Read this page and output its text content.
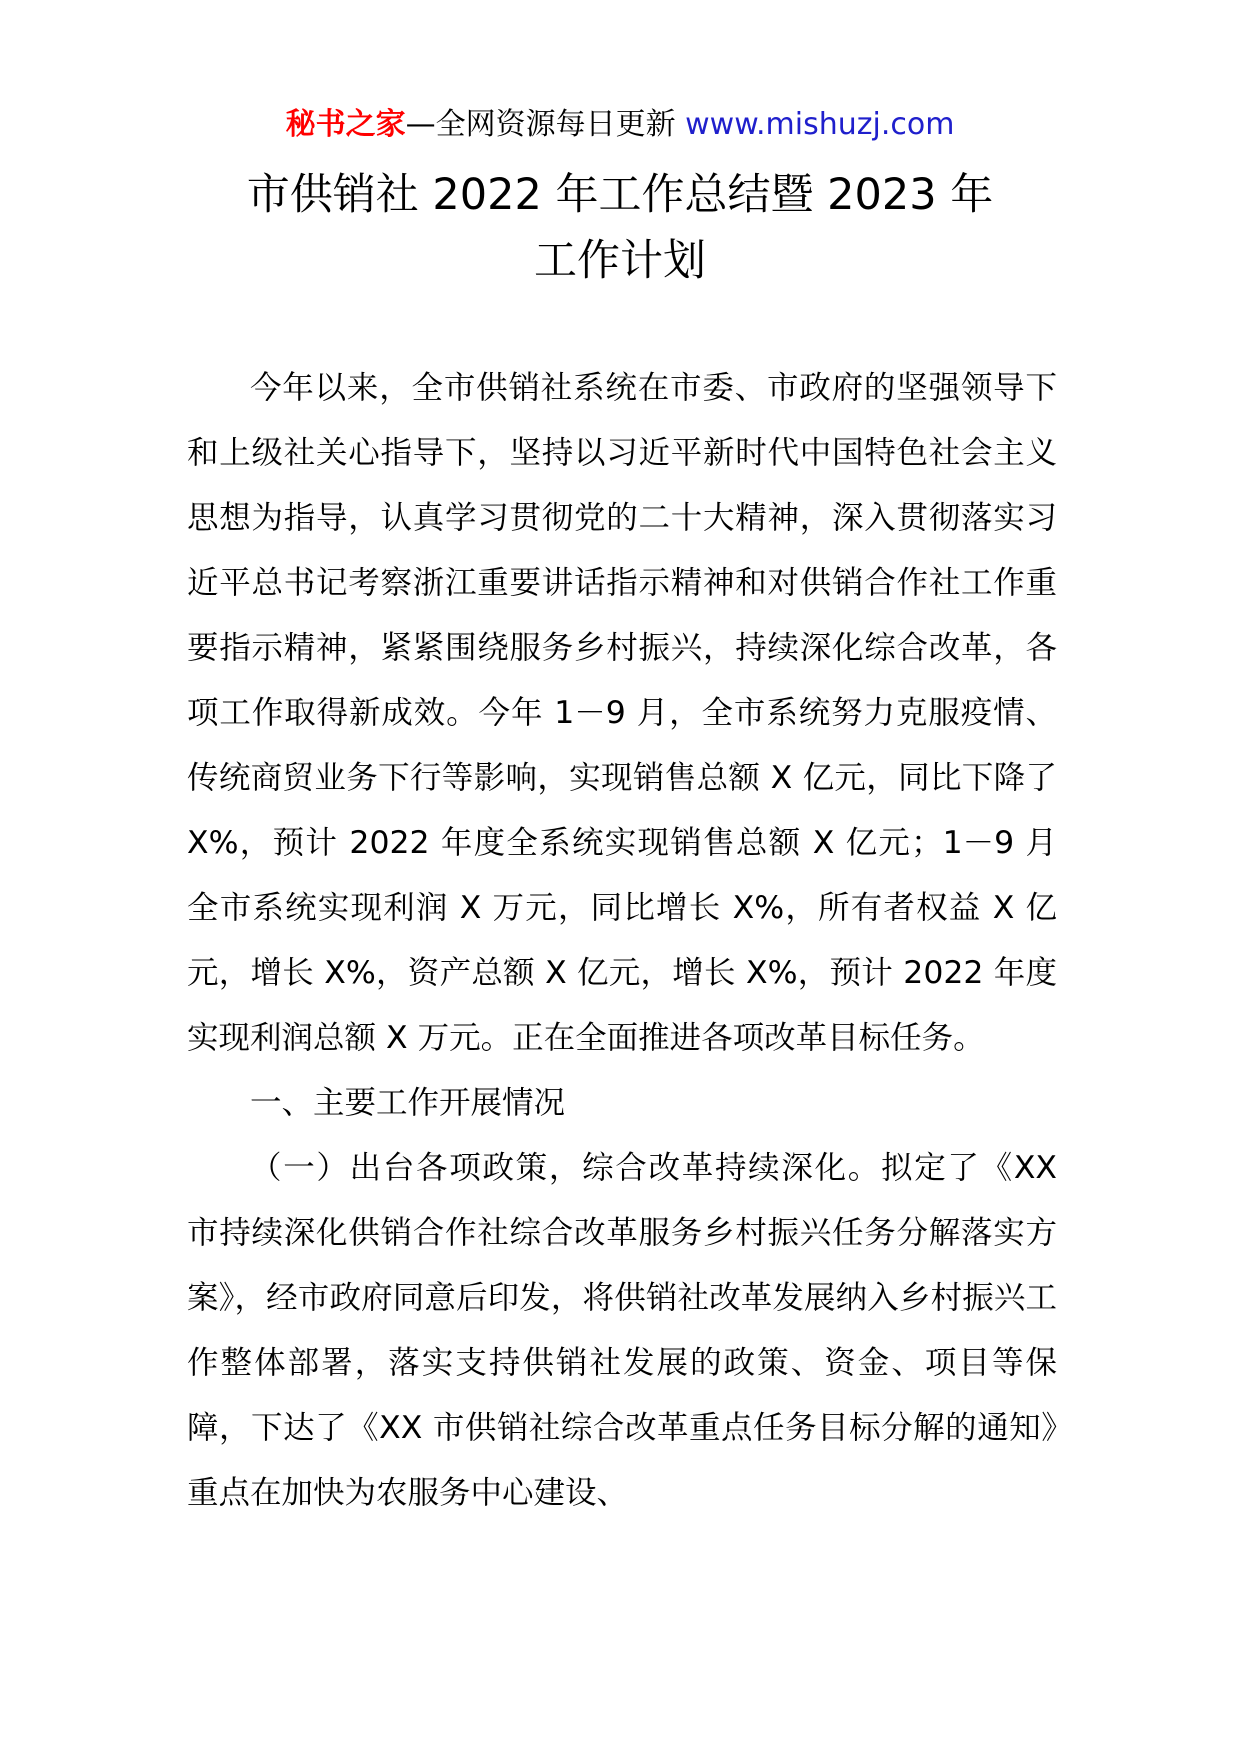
秘书之家—全网资源每日更新 www.mishuzj.com
市供销社 2022 年工作总结暨 2023 年
工作计划

今年以来，全市供销社系统在市委、市政府的坚强领导下和上级社关心指导下，坚持以习近平新时代中国特色社会主义思想为指导，认真学习贯彻党的二十大精神，深入贯彻落实习近平总书记考察浙江重要讲话指示精神和对供销合作社工作重要指示精神，紧紧围绕服务乡村振兴，持续深化综合改革，各项工作取得新成效。今年 1－9 月，全市系统努力克服疫情、传统商贸业务下行等影响，实现销售总额 X 亿元，同比下降了 X%，预计 2022 年度全系统实现销售总额 X 亿元；1－9 月全市系统实现利润 X 万元，同比增长 X%，所有者权益 X 亿元，增长 X%，资产总额 X 亿元，增长 X%，预计 2022 年度实现利润总额 X 万元。正在全面推进各项改革目标任务。

一、主要工作开展情况

（一）出台各项政策，综合改革持续深化。拟定了《XX 市持续深化供销合作社综合改革服务乡村振兴任务分解落实方案》，经市政府同意后印发，将供销社改革发展纳入乡村振兴工作整体部署，落实支持供销社发展的政策、资金、项目等保障，下达了《XX 市供销社综合改革重点任务目标分解的通知》重点在加快为农服务中心建设、
